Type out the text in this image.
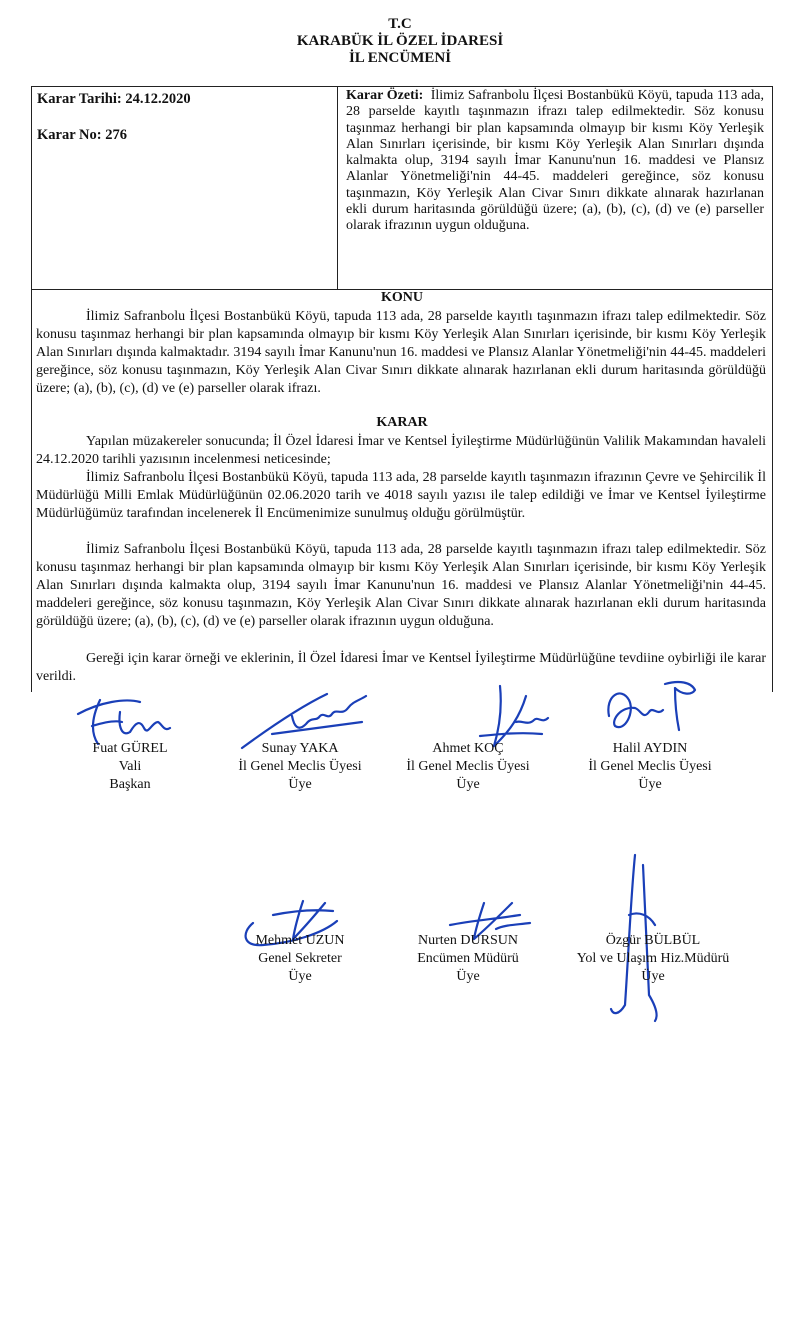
T.C
KARABÜK İL ÖZEL İDARESİ
İL ENCÜMENİ
Karar Tarihi: 24.12.2020
Karar No: 276
Karar Özeti: İlimiz Safranbolu İlçesi Bostanbükü Köyü, tapuda 113 ada, 28 parselde kayıtlı taşınmazın ifrazı talep edilmektedir. Söz konusu taşınmaz herhangi bir plan kapsamında olmayıp bir kısmı Köy Yerleşik Alan Sınırları içerisinde, bir kısmı Köy Yerleşik Alan Sınırları dışında kalmakta olup, 3194 sayılı İmar Kanunu'nun 16. maddesi ve Plansız Alanlar Yönetmeliği'nin 44-45. maddeleri gereğince, söz konusu taşınmazın, Köy Yerleşik Alan Civar Sınırı dikkate alınarak hazırlanan ekli durum haritasında görüldüğü üzere; (a), (b), (c), (d) ve (e) parseller olarak ifrazının uygun olduğuna.
KONU
İlimiz Safranbolu İlçesi Bostanbükü Köyü, tapuda 113 ada, 28 parselde kayıtlı taşınmazın ifrazı talep edilmektedir. Söz konusu taşınmaz herhangi bir plan kapsamında olmayıp bir kısmı Köy Yerleşik Alan Sınırları içerisinde, bir kısmı Köy Yerleşik Alan Sınırları dışında kalmaktadır. 3194 sayılı İmar Kanunu'nun 16. maddesi ve Plansız Alanlar Yönetmeliği'nin 44-45. maddeleri gereğince, söz konusu taşınmazın, Köy Yerleşik Alan Civar Sınırı dikkate alınarak hazırlanan ekli durum haritasında görüldüğü üzere; (a), (b), (c), (d) ve (e) parseller olarak ifrazı.
KARAR
Yapılan müzakereler sonucunda; İl Özel İdaresi İmar ve Kentsel İyileştirme Müdürlüğünün Valilik Makamından havaleli 24.12.2020 tarihli yazısının incelenmesi neticesinde;
İlimiz Safranbolu İlçesi Bostanbükü Köyü, tapuda 113 ada, 28 parselde kayıtlı taşınmazın ifrazının Çevre ve Şehircilik İl Müdürlüğü Milli Emlak Müdürlüğünün 02.06.2020 tarih ve 4018 sayılı yazısı ile talep edildiği ve İmar ve Kentsel İyileştirme Müdürlüğümüz tarafından incelenerek İl Encümenimize sunulmuş olduğu görülmüştür.
İlimiz Safranbolu İlçesi Bostanbükü Köyü, tapuda 113 ada, 28 parselde kayıtlı taşınmazın ifrazı talep edilmektedir. Söz konusu taşınmaz herhangi bir plan kapsamında olmayıp bir kısmı Köy Yerleşik Alan Sınırları içerisinde, bir kısmı Köy Yerleşik Alan Sınırları dışında kalmakta olup, 3194 sayılı İmar Kanunu'nun 16. maddesi ve Plansız Alanlar Yönetmeliği'nin 44-45. maddeleri gereğince, söz konusu taşınmazın, Köy Yerleşik Alan Civar Sınırı dikkate alınarak hazırlanan ekli durum haritasında görüldüğü üzere; (a), (b), (c), (d) ve (e) parseller olarak ifrazının uygun olduğuna.
Gereği için karar örneği ve eklerinin, İl Özel İdaresi İmar ve Kentsel İyileştirme Müdürlüğüne tevdiine oybirliği ile karar verildi.
Fuat GÜREL
Vali
Başkan
Sunay YAKA
İl Genel Meclis Üyesi
Üye
Ahmet KOÇ
İl Genel Meclis Üyesi
Üye
Halil AYDIN
İl Genel Meclis Üyesi
Üye
Mehmet UZUN
Genel Sekreter
Üye
Nurten DURSUN
Encümen Müdürü
Üye
Özgür BÜLBÜL
Yol ve Ulaşım Hiz.Müdürü
Üye
